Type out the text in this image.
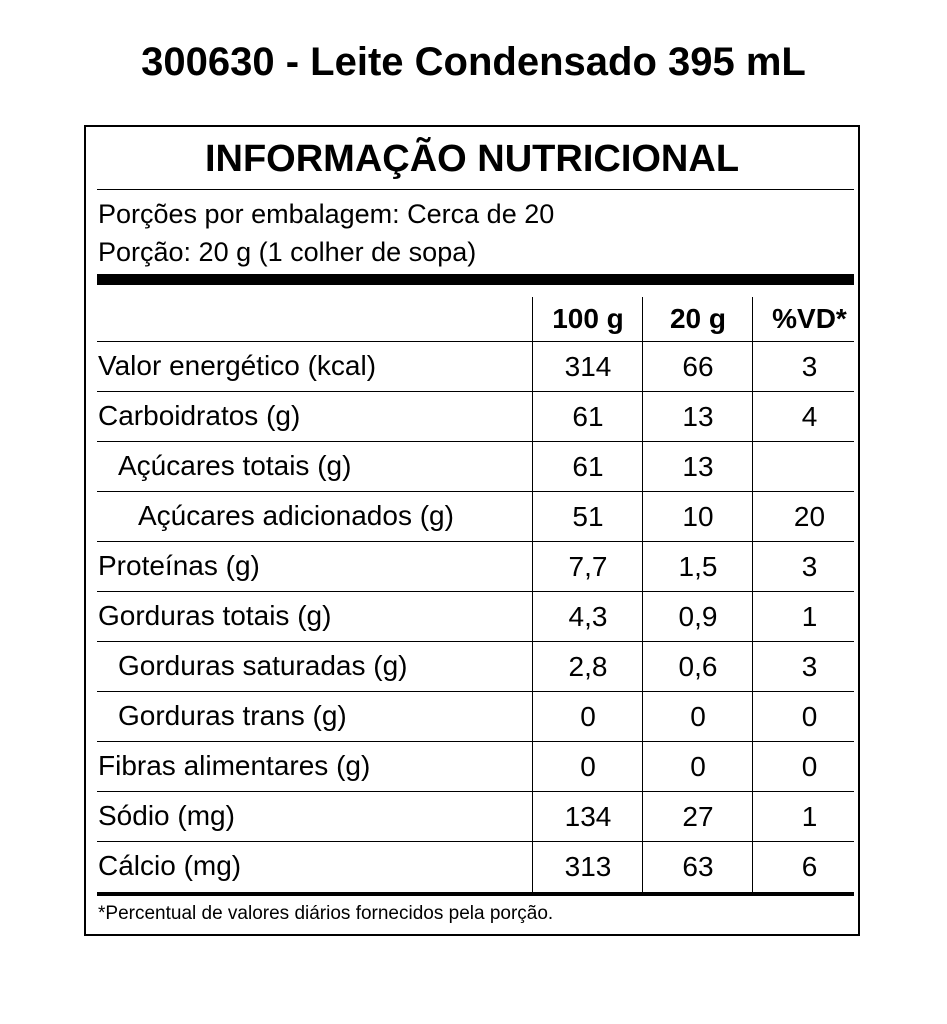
300630 - Leite Condensado 395 mL
INFORMAÇÃO NUTRICIONAL
Porções por embalagem: Cerca de 20
Porção: 20 g (1 colher de sopa)
100 g	20 g	%VD*
Valor energético (kcal)	314	66	3
Carboidratos (g)	61	13	4
Açúcares totais (g)	61	13
Açúcares adicionados (g)	51	10	20
Proteínas (g)	7,7	1,5	3
Gorduras totais (g)	4,3	0,9	1
Gorduras saturadas (g)	2,8	0,6	3
Gorduras trans (g)	0	0	0
Fibras alimentares (g)	0	0	0
Sódio (mg)	134	27	1
Cálcio (mg)	313	63	6
*Percentual de valores diários fornecidos pela porção.
